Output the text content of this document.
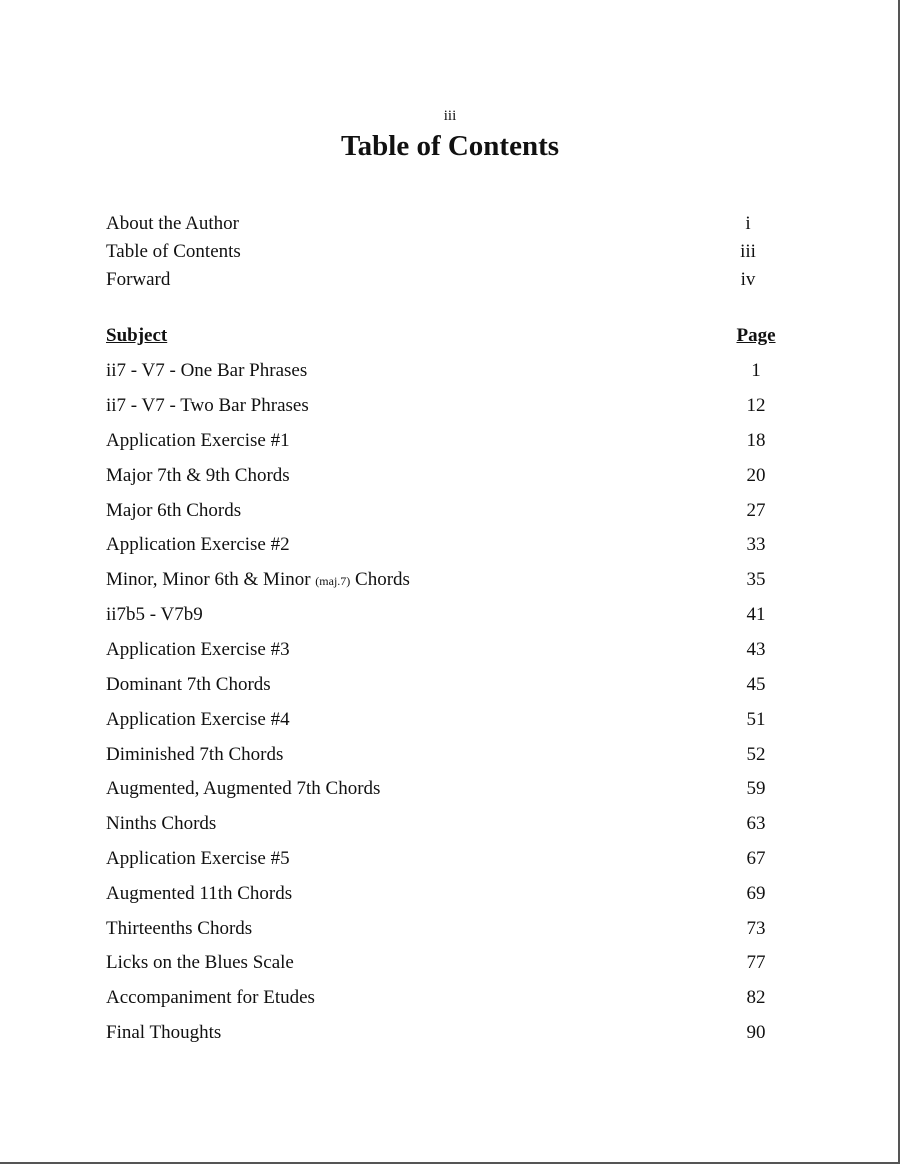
iii
Table of Contents
About the Author	i
Table of Contents	iii
Forward	iv
Subject	Page
ii7 - V7 - One Bar Phrases	1
ii7 - V7 - Two Bar Phrases	12
Application Exercise #1	18
Major 7th & 9th Chords	20
Major 6th Chords	27
Application Exercise #2	33
Minor, Minor 6th & Minor (maj.7) Chords	35
ii7b5 - V7b9	41
Application Exercise #3	43
Dominant 7th Chords	45
Application Exercise #4	51
Diminished 7th Chords	52
Augmented, Augmented 7th Chords	59
Ninths Chords	63
Application Exercise #5	67
Augmented 11th Chords	69
Thirteenths Chords	73
Licks on the Blues Scale	77
Accompaniment for Etudes	82
Final Thoughts	90
